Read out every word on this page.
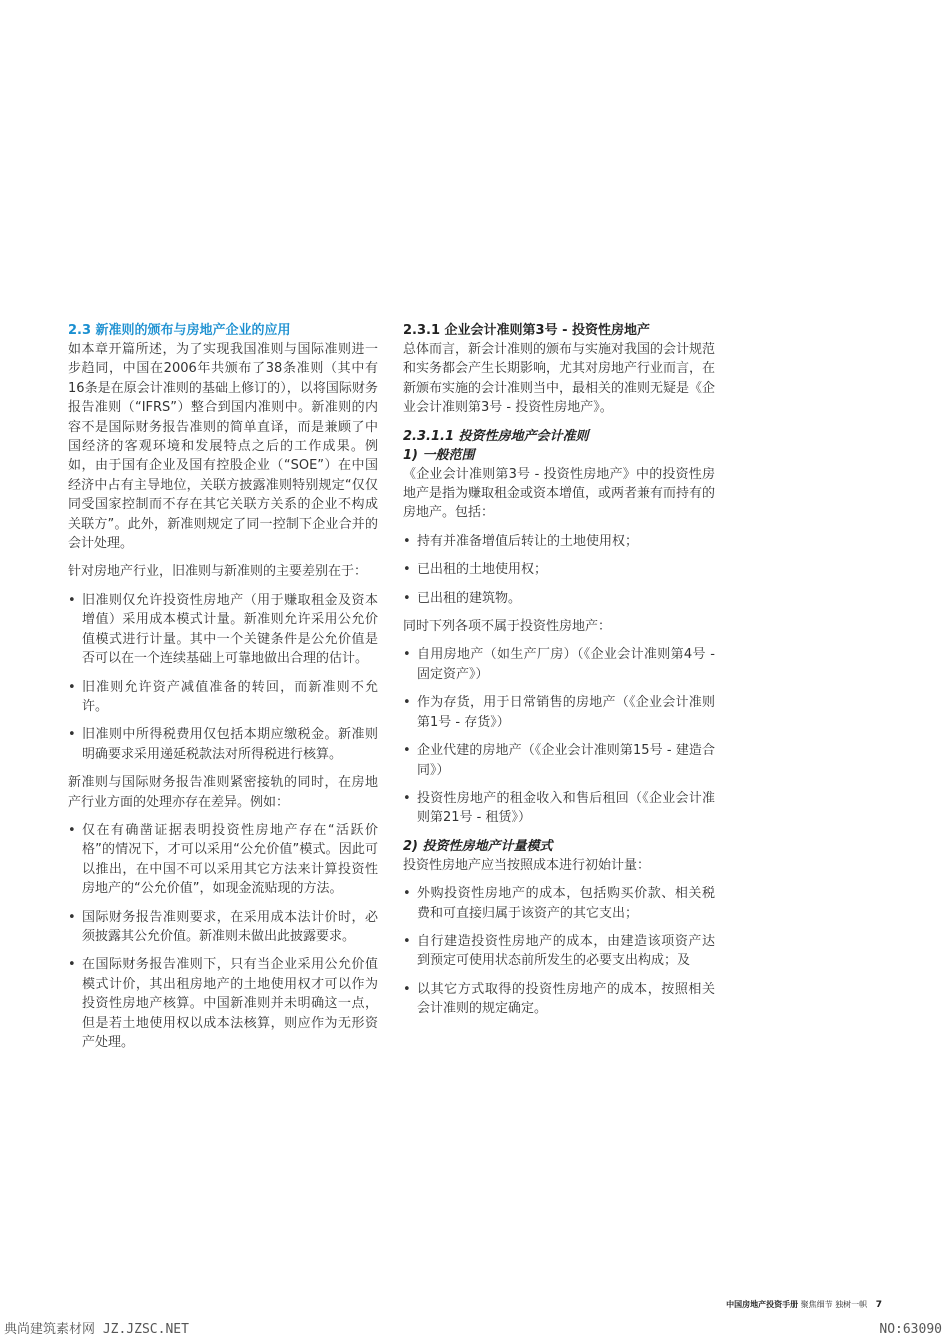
2.3 新准则的颁布与房地产企业的应用

如本章开篇所述，为了实现我国准则与国际准则进一步趋同，中国在2006年共颁布了38条准则（其中有16条是在原会计准则的基础上修订的），以将国际财务报告准则（“IFRS”）整合到国内准则中。新准则的内容不是国际财务报告准则的简单直译，而是兼顾了中国经济的客观环境和发展特点之后的工作成果。例如，由于国有企业及国有控股企业（“SOE”）在中国经济中占有主导地位，关联方披露准则特别规定“仅仅同受国家控制而不存在其它关联方关系的企业不构成关联方”。此外，新准则规定了同一控制下企业合并的会计处理。

针对房地产行业，旧准则与新准则的主要差别在于：

• 旧准则仅允许投资性房地产（用于赚取租金及资本增值）采用成本模式计量。新准则允许采用公允价值模式进行计量。其中一个关键条件是公允价值是否可以在一个连续基础上可靠地做出合理的估计。
• 旧准则允许资产减值准备的转回，而新准则不允许。
• 旧准则中所得税费用仅包括本期应缴税金。新准则明确要求采用递延税款法对所得税进行核算。

新准则与国际财务报告准则紧密接轨的同时，在房地产行业方面的处理亦存在差异。例如：

• 仅在有确凿证据表明投资性房地产存在“活跃价格”的情况下，才可以采用“公允价值”模式。因此可以推出，在中国不可以采用其它方法来计算投资性房地产的“公允价值”，如现金流贴现的方法。
• 国际财务报告准则要求，在采用成本法计价时，必须披露其公允价值。新准则未做出此披露要求。
• 在国际财务报告准则下，只有当企业采用公允价值模式计价，其出租房地产的土地使用权才可以作为投资性房地产核算。中国新准则并未明确这一点，但是若土地使用权以成本法核算，则应作为无形资产处理。
2.3.1 企业会计准则第3号 - 投资性房地产

总体而言，新会计准则的颁布与实施对我国的会计规范和实务都会产生长期影响，尤其对房地产行业而言，在新颁布实施的会计准则当中，最相关的准则无疑是《企业会计准则第3号 - 投资性房地产》。

2.3.1.1 投资性房地产会计准则
1) 一般范围

《企业会计准则第3号 - 投资性房地产》中的投资性房地产是指为赚取租金或资本增值，或两者兼有而持有的房地产。包括：

• 持有并准备增值后转让的土地使用权；
• 已出租的土地使用权；
• 已出租的建筑物。

同时下列各项不属于投资性房地产：

• 自用房地产（如生产厂房）（《企业会计准则第4号 - 固定资产》）
• 作为存货，用于日常销售的房地产（《企业会计准则第1号 - 存货》）
• 企业代建的房地产（《企业会计准则第15号 - 建造合同》）
• 投资性房地产的租金收入和售后租回（《企业会计准则第21号 - 租赁》）
2) 投资性房地产计量模式

投资性房地产应当按照成本进行初始计量：

• 外购投资性房地产的成本，包括购买价款、相关税费和可直接归属于该资产的其它支出；
• 自行建造投资性房地产的成本，由建造该项资产达到预定可使用状态前所发生的必要支出构成；及
• 以其它方式取得的投资性房地产的成本，按照相关会计准则的规定确定。
中国房地产投资手册 聚焦细节 独树一帜 7
典尚建筑素材网 JZ.JZSC.NET	NO:63090
